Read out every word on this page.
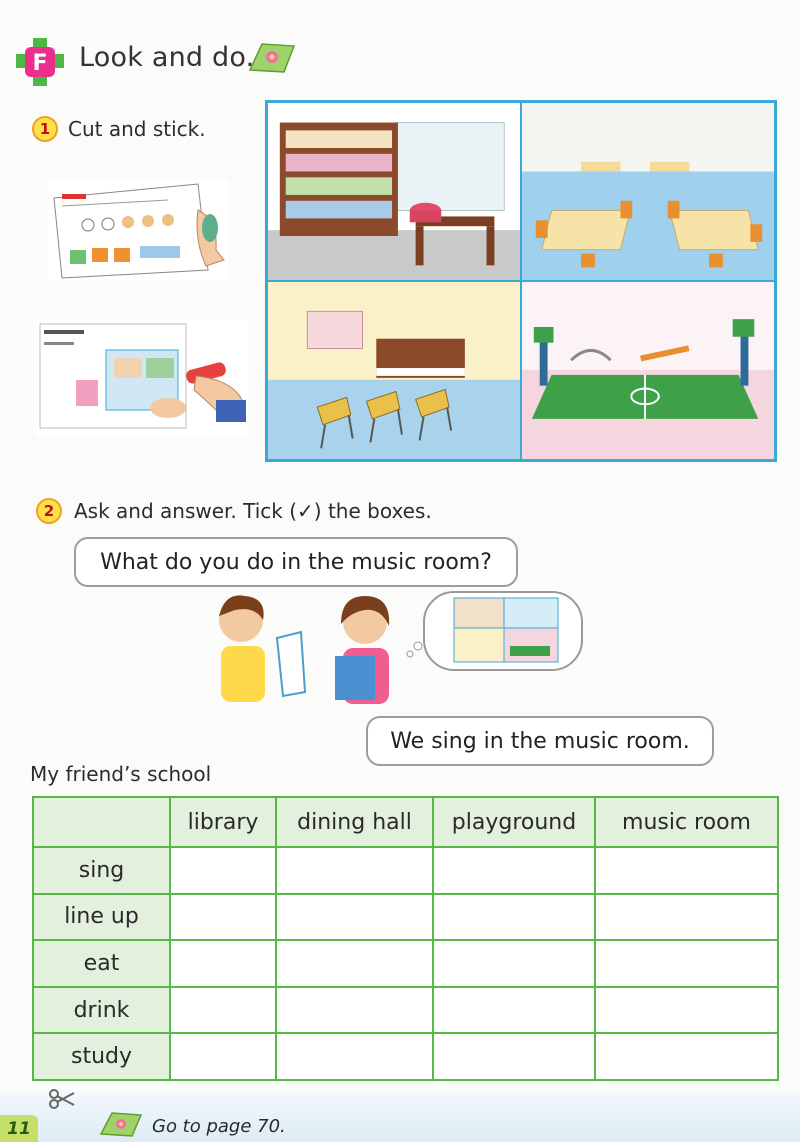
F Look and do.
1 Cut and stick.
2 Ask and answer. Tick (✓) the boxes.
What do you do in the music room?
We sing in the music room.
My friend’s school
	library	dining hall	playground	music room
sing				
line up				
eat				
drink				
study				
11	Go to page 70.
